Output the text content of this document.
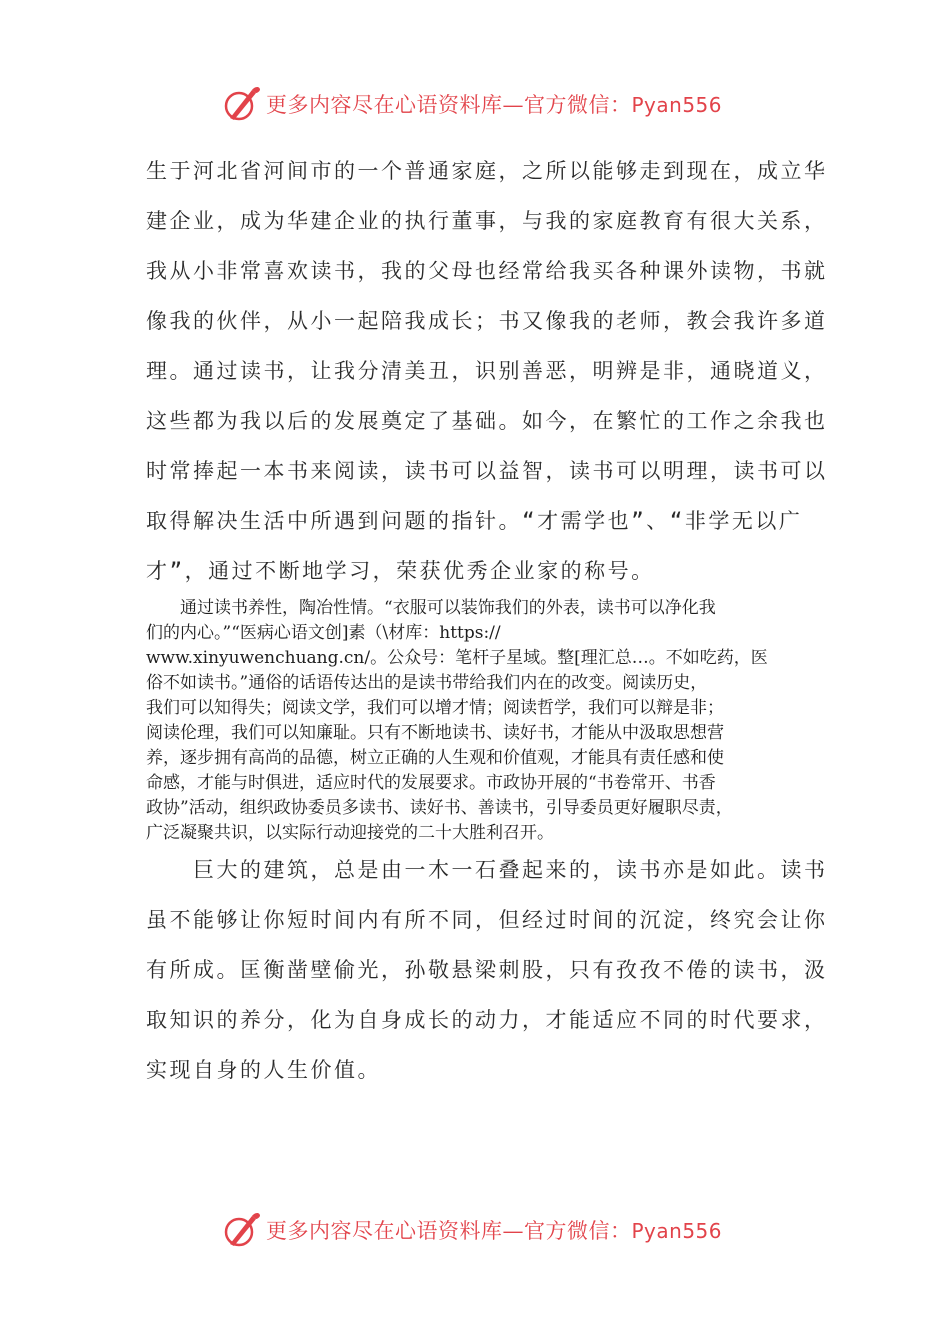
更多内容尽在心语资料库—官方微信：Pyan556

生于河北省河间市的一个普通家庭，之所以能够走到现在，成立华

建企业，成为华建企业的执行董事，与我的家庭教育有很大关系，

我从小非常喜欢读书，我的父母也经常给我买各种课外读物，书就

像我的伙伴，从小一起陪我成长；书又像我的老师，教会我许多道

理。通过读书，让我分清美丑，识别善恶，明辨是非，通晓道义，

这些都为我以后的发展奠定了基础。如今，在繁忙的工作之余我也

时常捧起一本书来阅读，读书可以益智，读书可以明理，读书可以

取得解决生活中所遇到问题的指针。“才需学也”、“非学无以广

才”，通过不断地学习，荣获优秀企业家的称号。

　　通过读书养性，陶冶性情。“衣服可以装饰我们的外表，读书可以净化我

们的内心。”“医病心语文创]素（\材库：https://

www.xinyuwenchuang.cn/。公众号：笔杆子星域。整[理汇总…。不如吃药，医

俗不如读书。”通俗的话语传达出的是读书带给我们内在的改变。阅读历史，

我们可以知得失；阅读文学，我们可以增才情；阅读哲学，我们可以辩是非；

阅读伦理，我们可以知廉耻。只有不断地读书、读好书，才能从中汲取思想营

养，逐步拥有高尚的品德，树立正确的人生观和价值观，才能具有责任感和使

命感，才能与时俱进，适应时代的发展要求。市政协开展的“书卷常开、书香

政协”活动，组织政协委员多读书、读好书、善读书，引导委员更好履职尽责，

广泛凝聚共识，以实际行动迎接党的二十大胜利召开。

　　巨大的建筑，总是由一木一石叠起来的，读书亦是如此。读书

虽不能够让你短时间内有所不同，但经过时间的沉淀，终究会让你

有所成。匡衡凿壁偷光，孙敬悬梁刺股，只有孜孜不倦的读书，汲

取知识的养分，化为自身成长的动力，才能适应不同的时代要求，

实现自身的人生价值。

更多内容尽在心语资料库—官方微信：Pyan556
